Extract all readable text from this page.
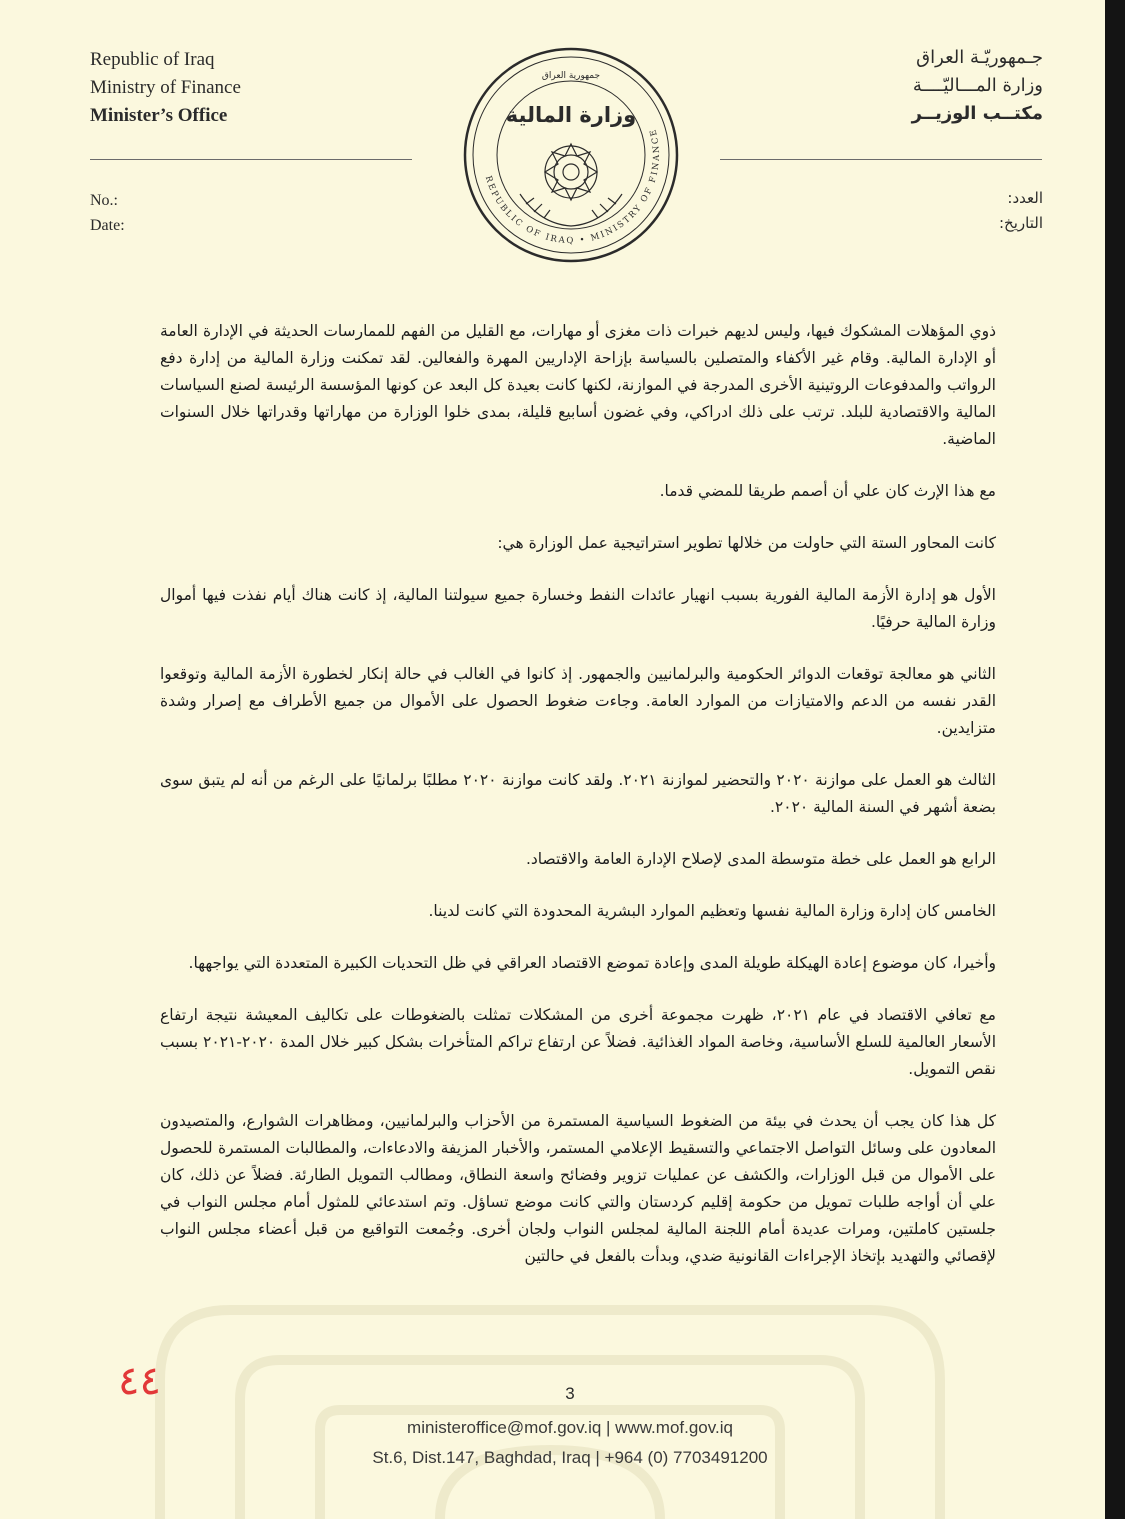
Republic of Iraq
Ministry of Finance
Minister’s Office
جـمهوريّـة العراق
وزارة المـــاليّــــة
مكتــب الوزيــر
No.:
Date:
العدد:
التاريخ:
REPUBLIC OF IRAQ • MINISTRY OF FINANCE
جمهورية العراق
وزارة المالية

ذوي المؤهلات المشكوك فيها، وليس لديهم خبرات ذات مغزى أو مهارات، مع القليل من الفهم للممارسات الحديثة في الإدارة العامة أو الإدارة المالية. وقام غير الأكفاء والمتصلين بالسياسة بإزاحة الإداريين المهرة والفعالين. لقد تمكنت وزارة المالية من إدارة دفع الرواتب والمدفوعات الروتينية الأخرى المدرجة في الموازنة، لكنها كانت بعيدة كل البعد عن كونها المؤسسة الرئيسة لصنع السياسات المالية والاقتصادية للبلد. ترتب على ذلك ادراكي، وفي غضون أسابيع قليلة، بمدى خلوا الوزارة من مهاراتها وقدراتها خلال السنوات الماضية.

مع هذا الإرث كان علي أن أصمم طريقا للمضي قدما.

كانت المحاور الستة التي حاولت من خلالها تطوير استراتيجية عمل الوزارة هي:

الأول هو إدارة الأزمة المالية الفورية بسبب انهيار عائدات النفط وخسارة جميع سيولتنا المالية، إذ كانت هناك أيام نفذت فيها أموال وزارة المالية حرفيًا.

الثاني هو معالجة توقعات الدوائر الحكومية والبرلمانيين والجمهور. إذ كانوا في الغالب في حالة إنكار لخطورة الأزمة المالية وتوقعوا القدر نفسه من الدعم والامتيازات من الموارد العامة. وجاءت ضغوط الحصول على الأموال من جميع الأطراف مع إصرار وشدة متزايدين.

الثالث هو العمل على موازنة ٢٠٢٠ والتحضير لموازنة ٢٠٢١. ولقد كانت موازنة ٢٠٢٠ مطلبًا برلمانيًا على الرغم من أنه لم يتبق سوى بضعة أشهر في السنة المالية ٢٠٢٠.

الرابع هو العمل على خطة متوسطة المدى لإصلاح الإدارة العامة والاقتصاد.

الخامس كان إدارة وزارة المالية نفسها وتعظيم الموارد البشرية المحدودة التي كانت لدينا.

وأخيرا، كان موضوع إعادة الهيكلة طويلة المدى وإعادة تموضع الاقتصاد العراقي في ظل التحديات الكبيرة المتعددة التي يواجهها.

مع تعافي الاقتصاد في عام ٢٠٢١، ظهرت مجموعة أخرى من المشكلات تمثلت بالضغوطات على تكاليف المعيشة نتيجة ارتفاع الأسعار العالمية للسلع الأساسية، وخاصة المواد الغذائية. فضلاً عن ارتفاع تراكم المتأخرات بشكل كبير خلال المدة ٢٠٢٠-٢٠٢١ بسبب نقص التمويل.

كل هذا كان يجب أن يحدث في بيئة من الضغوط السياسية المستمرة من الأحزاب والبرلمانيين، ومظاهرات الشوارع، والمتصيدون المعادون على وسائل التواصل الاجتماعي والتسقيط الإعلامي المستمر، والأخبار المزيفة والادعاءات، والمطالبات المستمرة للحصول على الأموال من قبل الوزارات، والكشف عن عمليات تزوير وفضائح واسعة النطاق، ومطالب التمويل الطارئة. فضلاً عن ذلك، كان علي أن أواجه طلبات تمويل من حكومة إقليم كردستان والتي كانت موضع تساؤل. وتم استدعائي للمثول أمام مجلس النواب في جلستين كاملتين، ومرات عديدة أمام اللجنة المالية لمجلس النواب ولجان أخرى. وجُمعت التواقيع من قبل أعضاء مجلس النواب لإقصائي والتهديد بإتخاذ الإجراءات القانونية ضدي، وبدأت بالفعل في حالتين

٤٤	3
ministeroffice@mof.gov.iq | www.mof.gov.iq
St.6, Dist.147, Baghdad, Iraq | +964 (0) 7703491200
